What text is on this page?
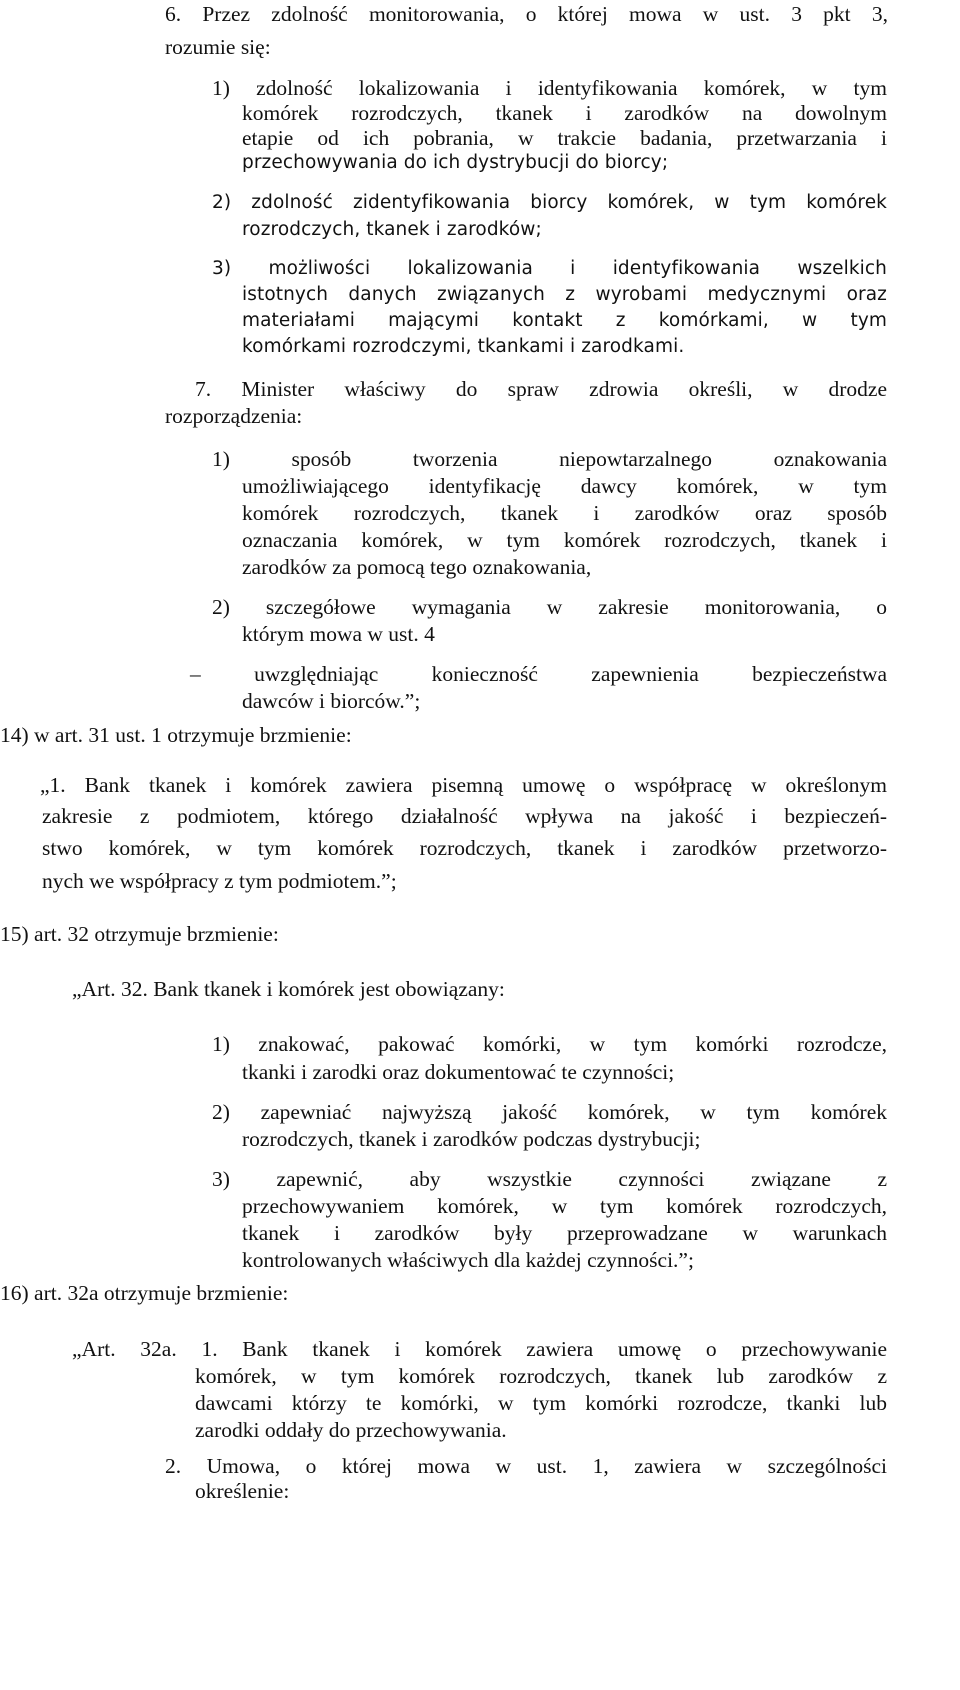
6. Przez zdolność monitorowania, o której mowa w ust. 3 pkt 3,
rozumie się:
1) zdolność lokalizowania i identyfikowania komórek, w tym
komórek rozrodczych, tkanek i zarodków na dowolnym
etapie od ich pobrania, w trakcie badania, przetwarzania i
przechowywania do ich dystrybucji do biorcy;
2) zdolność zidentyfikowania biorcy komórek, w tym komórek
rozrodczych, tkanek i zarodków;
3) możliwości lokalizowania i identyfikowania wszelkich
istotnych danych związanych z wyrobami medycznymi oraz
materiałami mającymi kontakt z komórkami, w tym
komórkami rozrodczymi, tkankami i zarodkami.
7. Minister właściwy do spraw zdrowia określi, w drodze
rozporządzenia:
1) sposób tworzenia niepowtarzalnego oznakowania
umożliwiającego identyfikację dawcy komórek, w tym
komórek rozrodczych, tkanek i zarodków oraz sposób
oznaczania komórek, w tym komórek rozrodczych, tkanek i
zarodków za pomocą tego oznakowania,
2) szczegółowe wymagania w zakresie monitorowania, o
którym mowa w ust. 4
– uwzględniając konieczność zapewnienia bezpieczeństwa
dawców i biorców.”;
14) w art. 31 ust. 1 otrzymuje brzmienie:
„1. Bank tkanek i komórek zawiera pisemną umowę o współpracę w określonym
zakresie z podmiotem, którego działalność wpływa na jakość i bezpieczeń-
stwo komórek, w tym komórek rozrodczych, tkanek i zarodków przetworzo-
nych we współpracy z tym podmiotem.”;
15) art. 32 otrzymuje brzmienie:
„Art. 32. Bank tkanek i komórek jest obowiązany:
1) znakować, pakować komórki, w tym komórki rozrodcze,
tkanki i zarodki oraz dokumentować te czynności;
2) zapewniać najwyższą jakość komórek, w tym komórek
rozrodczych, tkanek i zarodków podczas dystrybucji;
3) zapewnić, aby wszystkie czynności związane z
przechowywaniem komórek, w tym komórek rozrodczych,
tkanek i zarodków były przeprowadzane w warunkach
kontrolowanych właściwych dla każdej czynności.”;
16) art. 32a otrzymuje brzmienie:
„Art. 32a. 1. Bank tkanek i komórek zawiera umowę o przechowywanie
komórek, w tym komórek rozrodczych, tkanek lub zarodków z
dawcami którzy te komórki, w tym komórki rozrodcze, tkanki lub
zarodki oddały do przechowywania.
2. Umowa, o której mowa w ust. 1, zawiera w szczególności
określenie:
